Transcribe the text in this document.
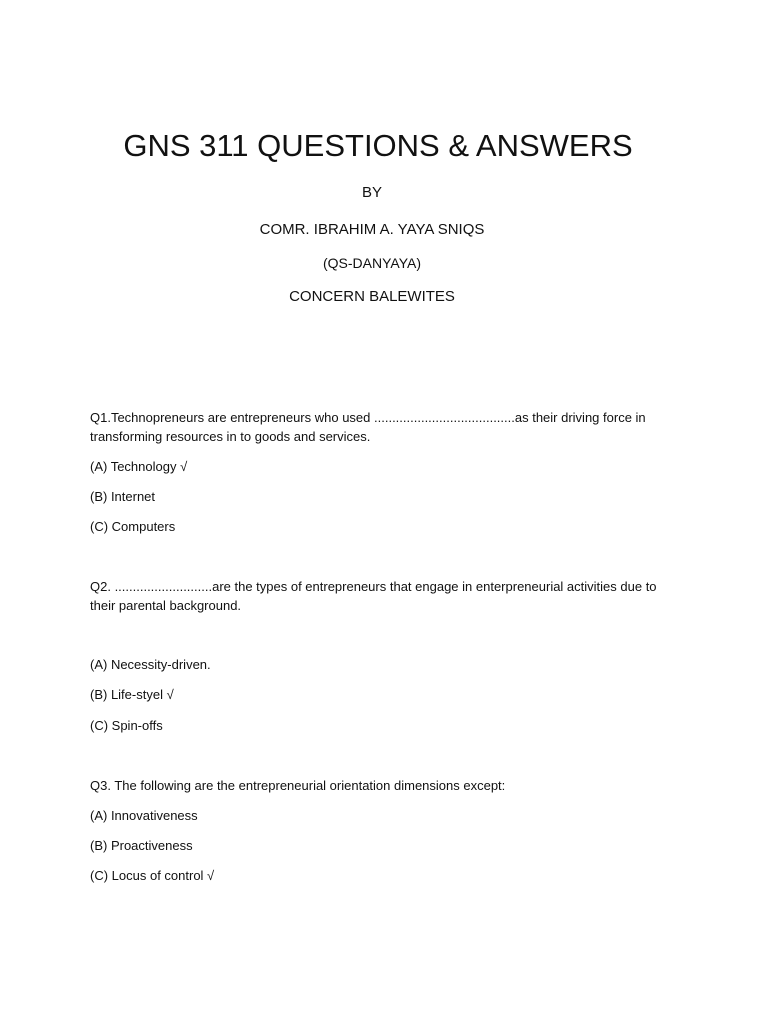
GNS 311 QUESTIONS & ANSWERS
BY
COMR. IBRAHIM A. YAYA SNIQS
(QS-DANYAYA)
CONCERN BALEWITES
Q1.Technopreneurs are entrepreneurs who used .......................................as their driving force in transforming resources in to goods and services.
(A) Technology √
(B) Internet
(C) Computers
Q2. ...........................are the types of entrepreneurs that engage in enterpreneurial activities due to their parental background.
(A) Necessity-driven.
(B) Life-styel √
(C) Spin-offs
Q3. The following are the entrepreneurial orientation dimensions except:
(A) Innovativeness
(B) Proactiveness
(C) Locus of control √
